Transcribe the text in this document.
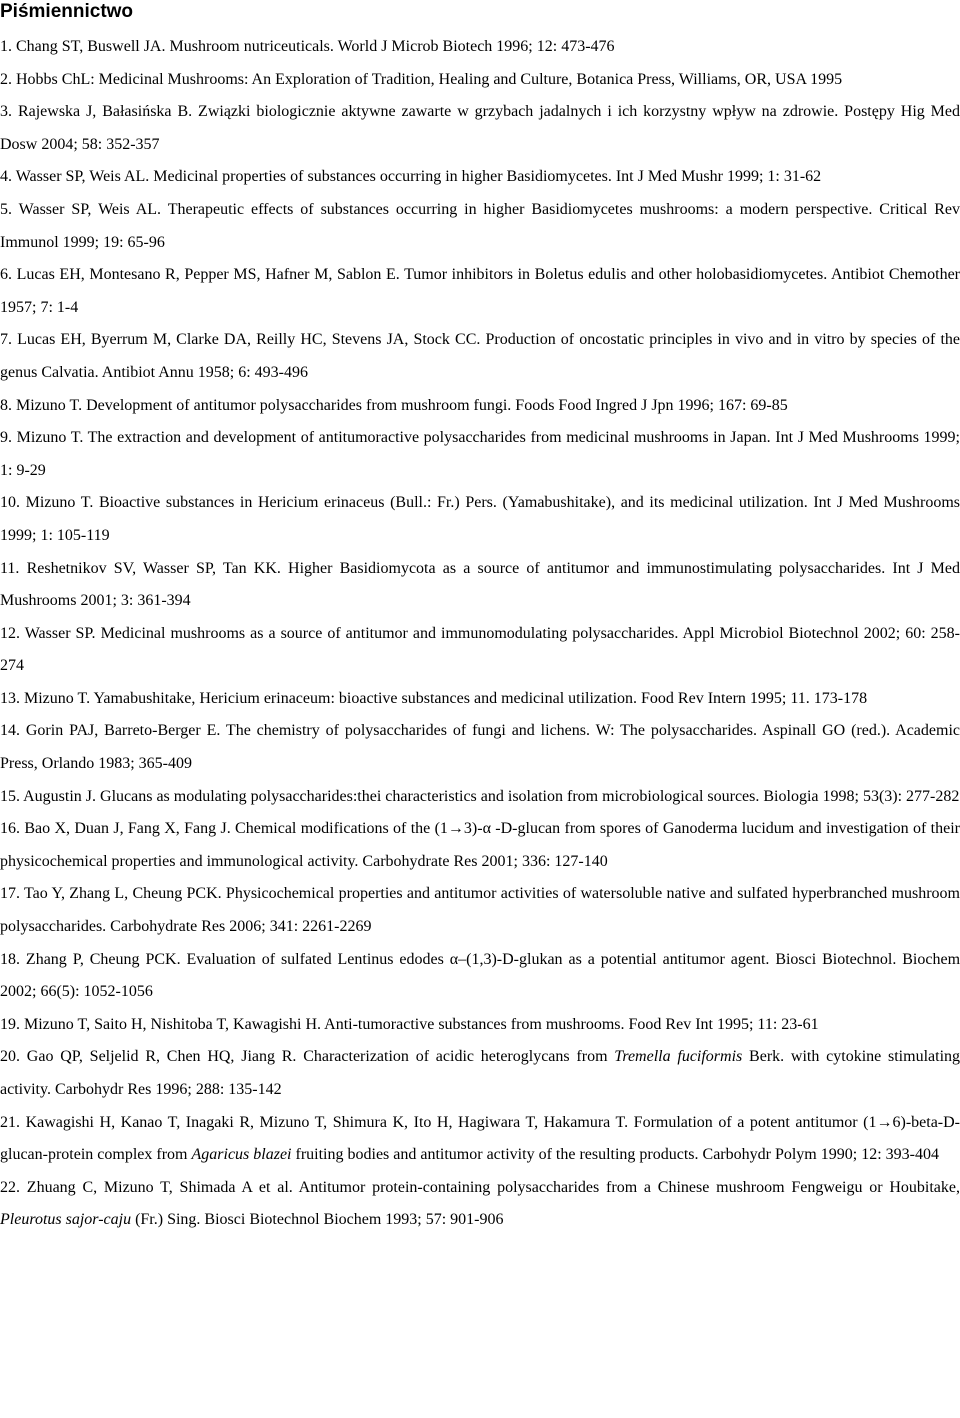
Piśmiennictwo
1. Chang ST, Buswell JA. Mushroom nutriceuticals. World J Microb Biotech 1996; 12: 473-476
2. Hobbs ChL: Medicinal Mushrooms: An Exploration of Tradition, Healing and Culture, Botanica Press, Williams, OR, USA 1995
3. Rajewska J, Bałasińska B. Związki biologicznie aktywne zawarte w grzybach jadalnych i ich korzystny wpływ na zdrowie. Postępy Hig Med Dosw 2004; 58: 352-357
4. Wasser SP, Weis AL. Medicinal properties of substances occurring in higher Basidiomycetes. Int J Med Mushr 1999; 1: 31-62
5. Wasser SP, Weis AL. Therapeutic effects of substances occurring in higher Basidiomycetes mushrooms: a modern perspective. Critical Rev Immunol 1999; 19: 65-96
6. Lucas EH, Montesano R, Pepper MS, Hafner M, Sablon E. Tumor inhibitors in Boletus edulis and other holobasidiomycetes. Antibiot Chemother 1957; 7: 1-4
7. Lucas EH, Byerrum M, Clarke DA, Reilly HC, Stevens JA, Stock CC. Production of oncostatic principles in vivo and in vitro by species of the genus Calvatia. Antibiot Annu 1958; 6: 493-496
8. Mizuno T. Development of antitumor polysaccharides from mushroom fungi. Foods Food Ingred J Jpn 1996; 167: 69-85
9. Mizuno T. The extraction and development of antitumoractive polysaccharides from medicinal mushrooms in Japan. Int J Med Mushrooms 1999; 1: 9-29
10. Mizuno T. Bioactive substances in Hericium erinaceus (Bull.: Fr.) Pers. (Yamabushitake), and its medicinal utilization. Int J Med Mushrooms 1999; 1: 105-119
11. Reshetnikov SV, Wasser SP, Tan KK. Higher Basidiomycota as a source of antitumor and immunostimulating polysaccharides. Int J Med Mushrooms 2001; 3: 361-394
12. Wasser SP. Medicinal mushrooms as a source of antitumor and immunomodulating polysaccharides. Appl Microbiol Biotechnol 2002; 60: 258-274
13. Mizuno T. Yamabushitake, Hericium erinaceum: bioactive substances and medicinal utilization. Food Rev Intern 1995; 11. 173-178
14. Gorin PAJ, Barreto-Berger E. The chemistry of polysaccharides of fungi and lichens. W: The polysaccharides. Aspinall GO (red.). Academic Press, Orlando 1983; 365-409
15. Augustin J. Glucans as modulating polysaccharides:thei characteristics and isolation from microbiological sources. Biologia 1998; 53(3): 277-282
16. Bao X, Duan J, Fang X, Fang J. Chemical modifications of the (1→3)-α -D-glucan from spores of Ganoderma lucidum and investigation of their physicochemical properties and immunological activity. Carbohydrate Res 2001; 336: 127-140
17. Tao Y, Zhang L, Cheung PCK. Physicochemical properties and antitumor activities of watersoluble native and sulfated hyperbranched mushroom polysaccharides. Carbohydrate Res 2006; 341: 2261-2269
18. Zhang P, Cheung PCK. Evaluation of sulfated Lentinus edodes α–(1,3)-D-glukan as a potential antitumor agent. Biosci Biotechnol. Biochem 2002; 66(5): 1052-1056
19. Mizuno T, Saito H, Nishitoba T, Kawagishi H. Anti-tumoractive substances from mushrooms. Food Rev Int 1995; 11: 23-61
20. Gao QP, Seljelid R, Chen HQ, Jiang R. Characterization of acidic heteroglycans from Tremella fuciformis Berk. with cytokine stimulating activity. Carbohydr Res 1996; 288: 135-142
21. Kawagishi H, Kanao T, Inagaki R, Mizuno T, Shimura K, Ito H, Hagiwara T, Hakamura T. Formulation of a potent antitumor (1→6)-beta-D-glucan-protein complex from Agaricus blazei fruiting bodies and antitumor activity of the resulting products. Carbohydr Polym 1990; 12: 393-404
22. Zhuang C, Mizuno T, Shimada A et al. Antitumor protein-containing polysaccharides from a Chinese mushroom Fengweigu or Houbitake, Pleurotus sajor-caju (Fr.) Sing. Biosci Biotechnol Biochem 1993; 57: 901-906
